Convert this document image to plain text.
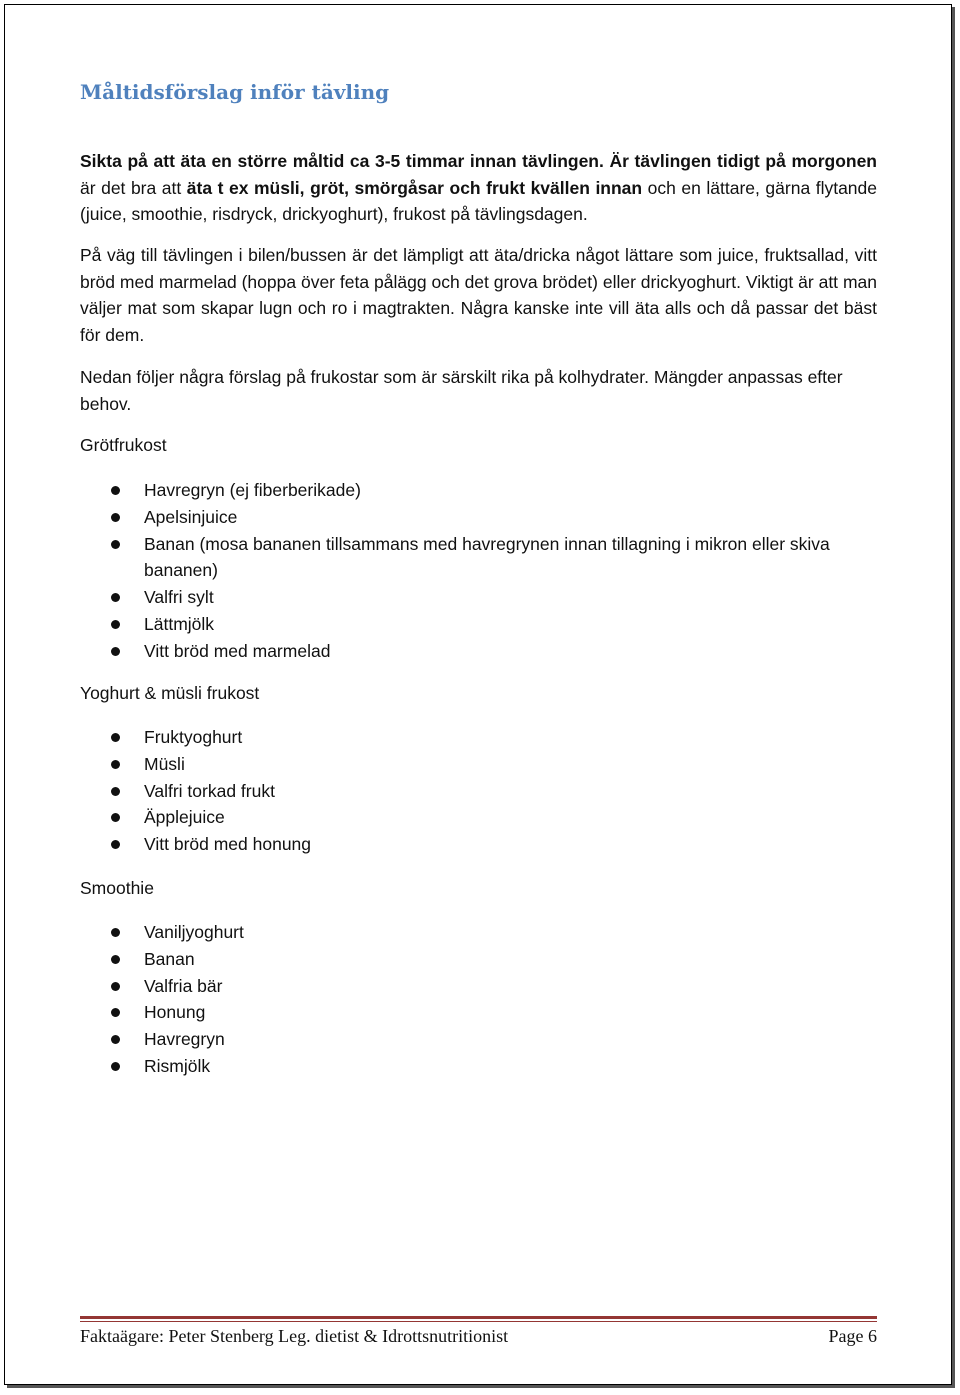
Måltidsförslag inför tävling

Sikta på att äta en större måltid ca 3-5 timmar innan tävlingen. Är tävlingen tidigt på morgonen är det bra att äta t ex müsli, gröt, smörgåsar och frukt kvällen innan och en lättare, gärna flytande (juice, smoothie, risdryck, drickyoghurt), frukost på tävlingsdagen.

På väg till tävlingen i bilen/bussen är det lämpligt att äta/dricka något lättare som juice, fruktsallad, vitt bröd med marmelad (hoppa över feta pålägg och det grova brödet) eller drickyoghurt. Viktigt är att man väljer mat som skapar lugn och ro i magtrakten. Några kanske inte vill äta alls och då passar det bäst för dem.

Nedan följer några förslag på frukostar som är särskilt rika på kolhydrater. Mängder anpassas efter behov.

Grötfrukost
Havregryn (ej fiberberikade)
Apelsinjuice
Banan (mosa bananen tillsammans med havregrynen innan tillagning i mikron eller skiva bananen)
Valfri sylt
Lättmjölk
Vitt bröd med marmelad
Yoghurt & müsli frukost
Fruktyoghurt
Müsli
Valfri torkad frukt
Äpplejuice
Vitt bröd med honung
Smoothie
Vaniljyoghurt
Banan
Valfria bär
Honung
Havregryn
Rismjölk
Faktaägare: Peter Stenberg Leg. dietist & Idrottsnutritionist	Page 6
